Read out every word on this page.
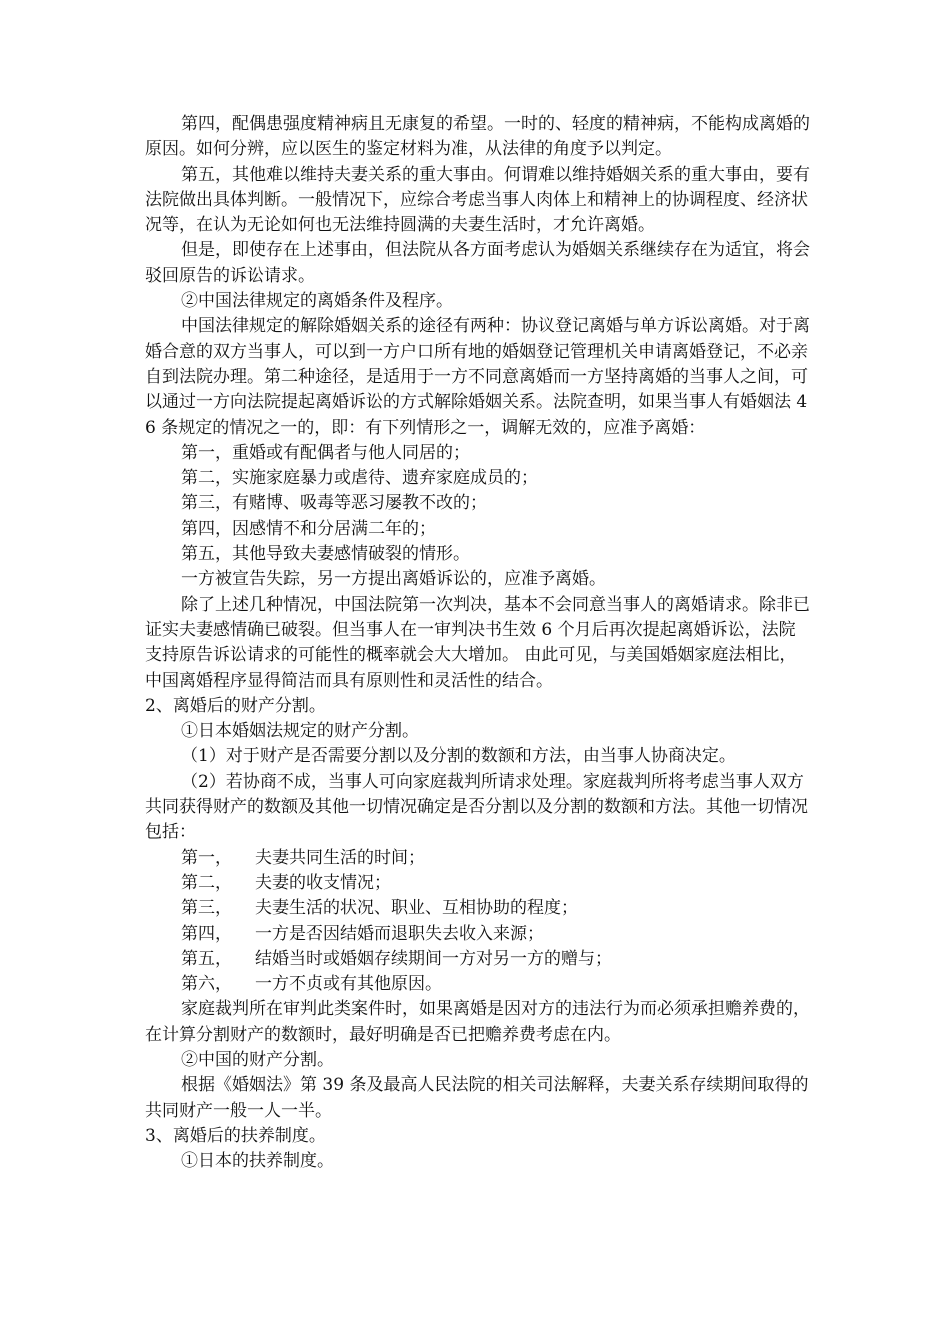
第四，配偶患强度精神病且无康复的希望。一时的、轻度的精神病，不能构成离婚的原因。如何分辨，应以医生的鉴定材料为准，从法律的角度予以判定。

第五，其他难以维持夫妻关系的重大事由。何谓难以维持婚姻关系的重大事由，要有法院做出具体判断。一般情况下，应综合考虑当事人肉体上和精神上的协调程度、经济状况等，在认为无论如何也无法维持圆满的夫妻生活时，才允许离婚。

但是，即使存在上述事由，但法院从各方面考虑认为婚姻关系继续存在为适宜，将会驳回原告的诉讼请求。

②中国法律规定的离婚条件及程序。

中国法律规定的解除婚姻关系的途径有两种：协议登记离婚与单方诉讼离婚。对于离婚合意的双方当事人，可以到一方户口所有地的婚姻登记管理机关申请离婚登记，不必亲自到法院办理。第二种途径，是适用于一方不同意离婚而一方坚持离婚的当事人之间，可以通过一方向法院提起离婚诉讼的方式解除婚姻关系。法院查明，如果当事人有婚姻法 46 条规定的情况之一的，即：有下列情形之一，调解无效的，应准予离婚：

第一，重婚或有配偶者与他人同居的；

第二，实施家庭暴力或虐待、遗弃家庭成员的；

第三，有赌博、吸毒等恶习屡教不改的；

第四，因感情不和分居满二年的；

第五，其他导致夫妻感情破裂的情形。

一方被宣告失踪，另一方提出离婚诉讼的，应准予离婚。

除了上述几种情况，中国法院第一次判决，基本不会同意当事人的离婚请求。除非已证实夫妻感情确已破裂。但当事人在一审判决书生效 6 个月后再次提起离婚诉讼，法院支持原告诉讼请求的可能性的概率就会大大增加。 由此可见，与美国婚姻家庭法相比，中国离婚程序显得简洁而具有原则性和灵活性的结合。

2、离婚后的财产分割。

①日本婚姻法规定的财产分割。

（1）对于财产是否需要分割以及分割的数额和方法，由当事人协商决定。

（2）若协商不成，当事人可向家庭裁判所请求处理。家庭裁判所将考虑当事人双方共同获得财产的数额及其他一切情况确定是否分割以及分割的数额和方法。其他一切情况包括：

第一，	夫妻共同生活的时间；
第二，	夫妻的收支情况；
第三，	夫妻生活的状况、职业、互相协助的程度；
第四，	一方是否因结婚而退职失去收入来源；
第五，	结婚当时或婚姻存续期间一方对另一方的赠与；
第六，	一方不贞或有其他原因。

家庭裁判所在审判此类案件时，如果离婚是因对方的违法行为而必须承担赡养费的，在计算分割财产的数额时，最好明确是否已把赡养费考虑在内。

②中国的财产分割。

根据《婚姻法》第 39 条及最高人民法院的相关司法解释，夫妻关系存续期间取得的共同财产一般一人一半。

3、离婚后的扶养制度。

①日本的扶养制度。
